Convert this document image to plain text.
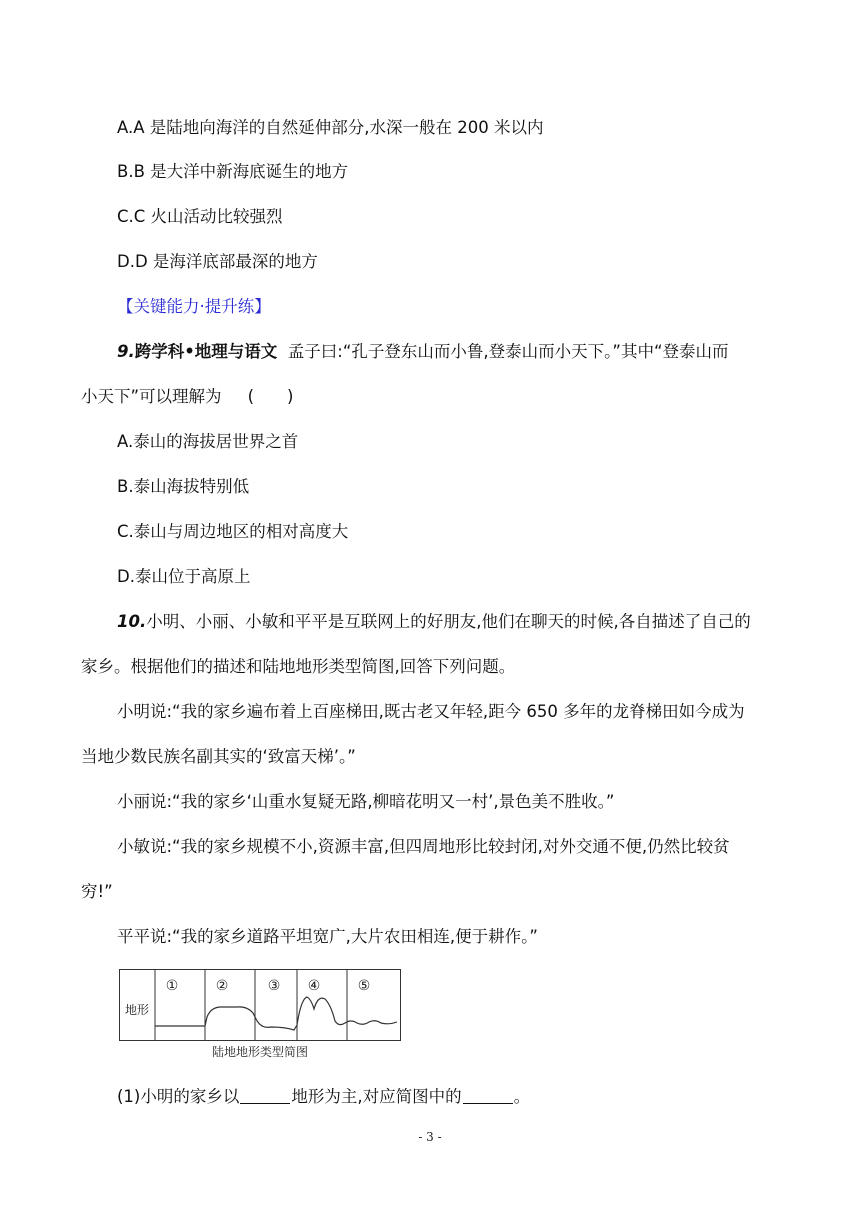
A.A 是陆地向海洋的自然延伸部分,水深一般在 200 米以内
B.B 是大洋中新海底诞生的地方
C.C 火山活动比较强烈
D.D 是海洋底部最深的地方
【关键能力·提升练】
9.跨学科•地理与语文 孟子曰:“孔子登东山而小鲁,登泰山而小天下。”其中“登泰山而
小天下”可以理解为 (　　)
A.泰山的海拔居世界之首
B.泰山海拔特别低
C.泰山与周边地区的相对高度大
D.泰山位于高原上
10.小明、小丽、小敏和平平是互联网上的好朋友,他们在聊天的时候,各自描述了自己的
家乡。根据他们的描述和陆地地形类型简图,回答下列问题。
小明说:“我的家乡遍布着上百座梯田,既古老又年轻,距今 650 多年的龙脊梯田如今成为
当地少数民族名副其实的‘致富天梯’。”
小丽说:“我的家乡‘山重水复疑无路,柳暗花明又一村’,景色美不胜收。”
小敏说:“我的家乡规模不小,资源丰富,但四周地形比较封闭,对外交通不便,仍然比较贫
穷!”
平平说:“我的家乡道路平坦宽广,大片农田相连,便于耕作。”
地形
①	②	③ ④	⑤
陆地地形类型简图
(1)小明的家乡以	地形为主,对应简图中的	。
- 3 -
